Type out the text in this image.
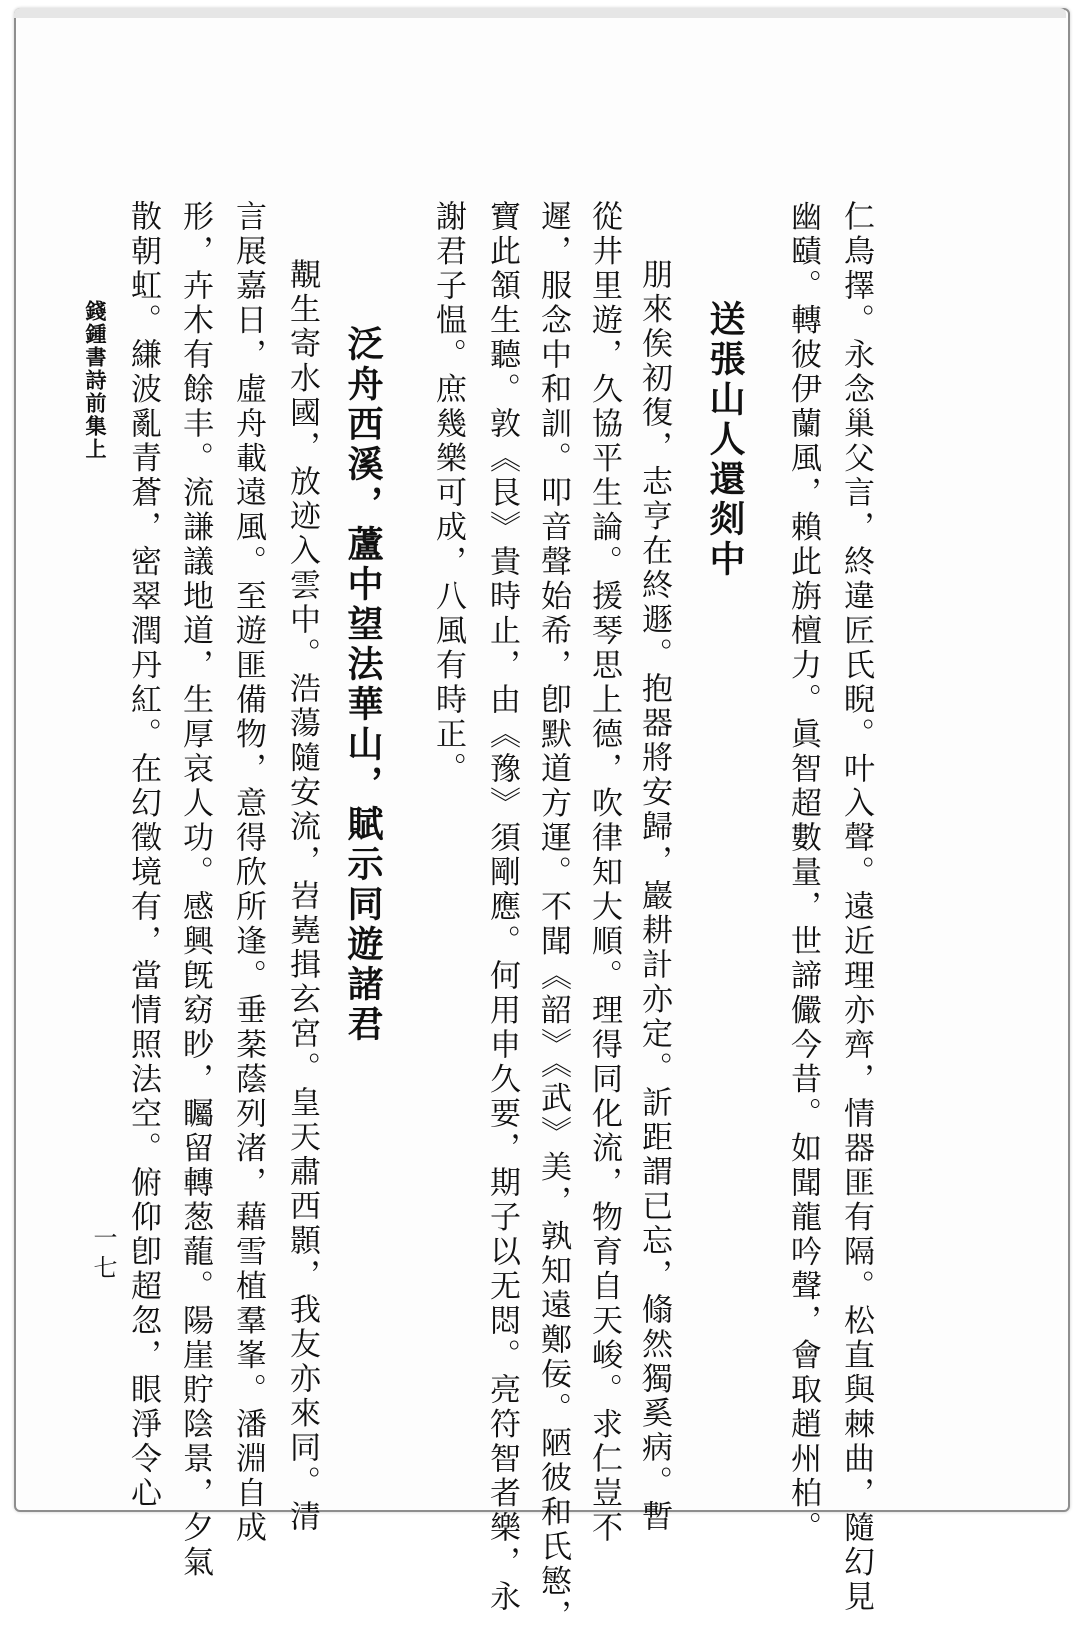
仁鳥擇。永念巢父言，終違匠氏睨。叶入聲。遠近理亦齊，情器匪有隔。松直與棘曲，隨幻見
幽賾。轉彼伊蘭風，賴此旃檀力。眞智超數量，世諦儼今昔。如聞龍吟聲，會取趙州柏。
送張山人還剡中
朋來俟初復，志亨在終遯。抱器將安歸，巖耕計亦定。訢距謂已忘，翛然獨奚病。暫
從井里遊，久協平生論。援琴思上德，吹律知大順。理得同化流，物育自天峻。求仁豈不
遲，服念中和訓。叩音聲始希，卽默道方運。不聞《韶》《武》美，孰知遠鄭佞。陋彼和氏慜，
寶此頷生聽。敦《艮》貴時止，由《豫》須剛應。何用申久要，期子以无悶。亮符智者樂，永
謝君子愠。庶幾樂可成，八風有時正。
泛舟西溪，蘆中望法華山，賦示同遊諸君
覯生寄水國，放迹入雲中。浩蕩隨安流，岧嶤揖玄宮。皇天肅西顥，我友亦來同。清
言展嘉日，虛舟載遠風。至遊匪備物，意得欣所逢。垂棻蔭列渚，藉雪植羣峯。潘淵自成
形，卉木有餘丰。流謙議地道，生厚哀人功。感興旣窈眇，矚留轉葱蘢。陽崖貯陰景，夕氣
散朝虹。縑波亂青蒼，密翠潤丹紅。在幻徵境有，當情照法空。俯仰卽超忽，眼淨令心
錢鍾書詩前集上
一七
